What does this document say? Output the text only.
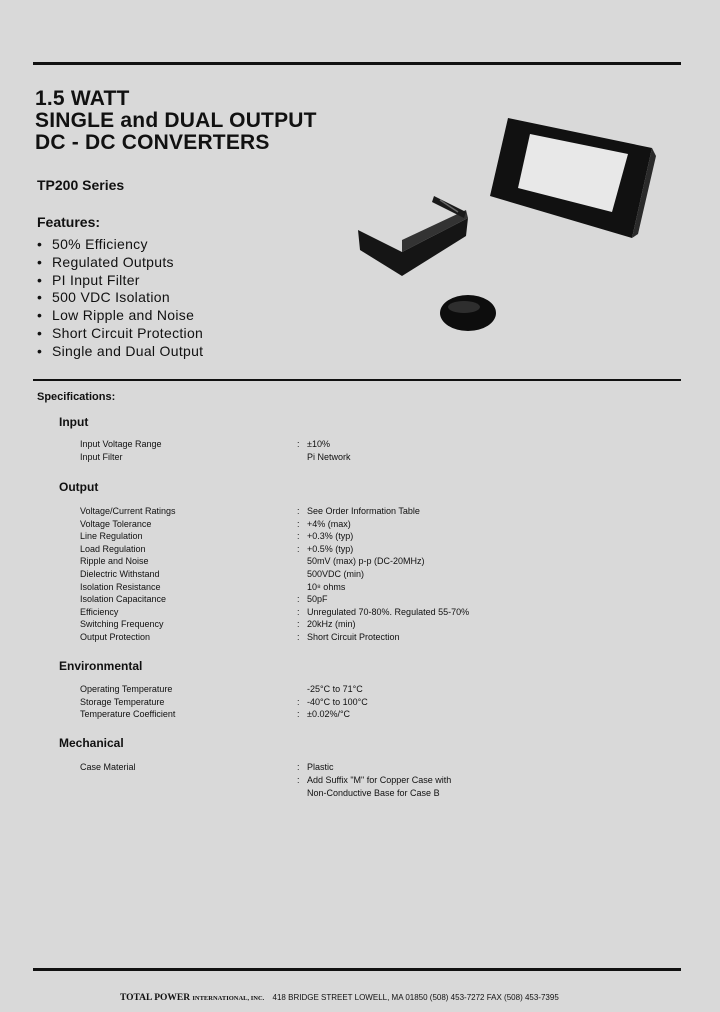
1.5 WATT
SINGLE and DUAL OUTPUT
DC - DC CONVERTERS
TP200 Series
Features:
• 50% Efficiency
• Regulated Outputs
• PI Input Filter
• 500 VDC Isolation
• Low Ripple and Noise
• Short Circuit Protection
• Single and Dual Output
Specifications:
Input
Input Voltage Range	: ±10%
Input Filter	Pi Network
Output
Voltage/Current Ratings	: See Order Information Table
Voltage Tolerance	: +4% (max)
Line Regulation	: +0.3% (typ)
Load Regulation	: +0.5% (typ)
Ripple and Noise	50mV (max) p-p (DC-20MHz)
Dielectric Withstand	500VDC (min)
Isolation Resistance	10⁸ ohms
Isolation Capacitance	: 50pF
Efficiency	: Unregulated 70-80%. Regulated 55-70%
Switching Frequency	: 20kHz (min)
Output Protection	: Short Circuit Protection
Environmental
Operating Temperature	-25°C to 71°C
Storage Temperature	: -40°C to 100°C
Temperature Coefficient	: ±0.02%/°C
Mechanical
Case Material	: Plastic
: Add Suffix "M" for Copper Case with
Non-Conductive Base for Case B
TOTAL POWER INTERNATIONAL, INC. 418 BRIDGE STREET LOWELL, MA 01850 (508) 453-7272 FAX (508) 453-7395
